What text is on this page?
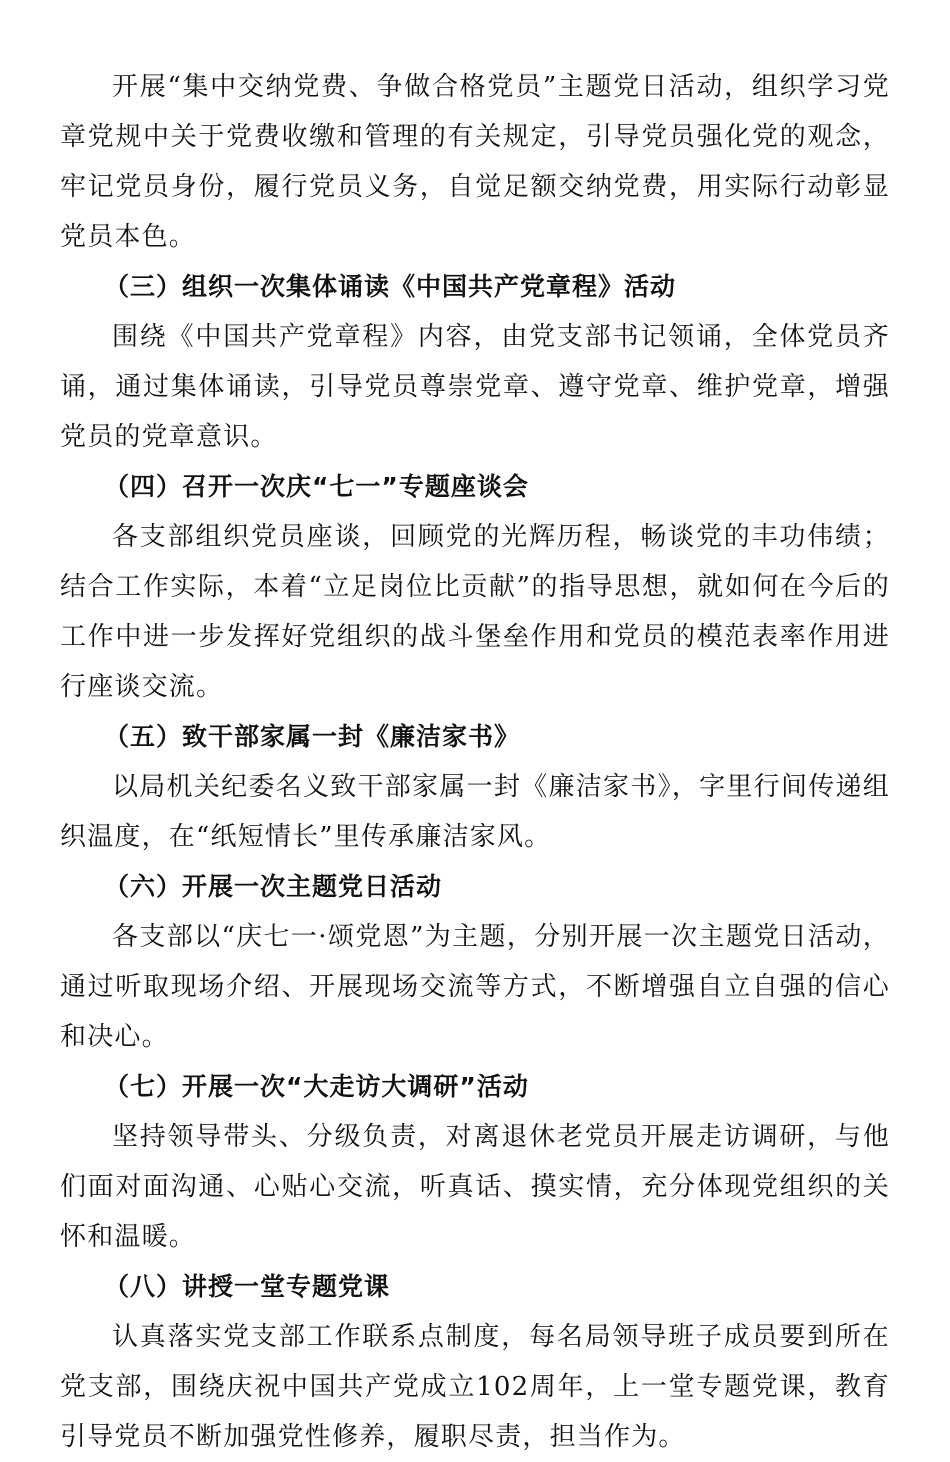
开展“集中交纳党费、争做合格党员”主题党日活动，组织学习党章党规中关于党费收缴和管理的有关规定，引导党员强化党的观念，牢记党员身份，履行党员义务，自觉足额交纳党费，用实际行动彰显党员本色。

（三）组织一次集体诵读《中国共产党章程》活动

围绕《中国共产党章程》内容，由党支部书记领诵，全体党员齐诵，通过集体诵读，引导党员尊崇党章、遵守党章、维护党章，增强党员的党章意识。

（四）召开一次庆“七一”专题座谈会

各支部组织党员座谈，回顾党的光辉历程，畅谈党的丰功伟绩；结合工作实际，本着“立足岗位比贡献”的指导思想，就如何在今后的工作中进一步发挥好党组织的战斗堡垒作用和党员的模范表率作用进行座谈交流。

（五）致干部家属一封《廉洁家书》

以局机关纪委名义致干部家属一封《廉洁家书》，字里行间传递组织温度，在“纸短情长”里传承廉洁家风。

（六）开展一次主题党日活动

各支部以“庆七一·颂党恩”为主题，分别开展一次主题党日活动，通过听取现场介绍、开展现场交流等方式，不断增强自立自强的信心和决心。

（七）开展一次“大走访大调研”活动

坚持领导带头、分级负责，对离退休老党员开展走访调研，与他们面对面沟通、心贴心交流，听真话、摸实情，充分体现党组织的关怀和温暖。

（八）讲授一堂专题党课

认真落实党支部工作联系点制度，每名局领导班子成员要到所在党支部，围绕庆祝中国共产党成立102周年，上一堂专题党课，教育引导党员不断加强党性修养，履职尽责，担当作为。
